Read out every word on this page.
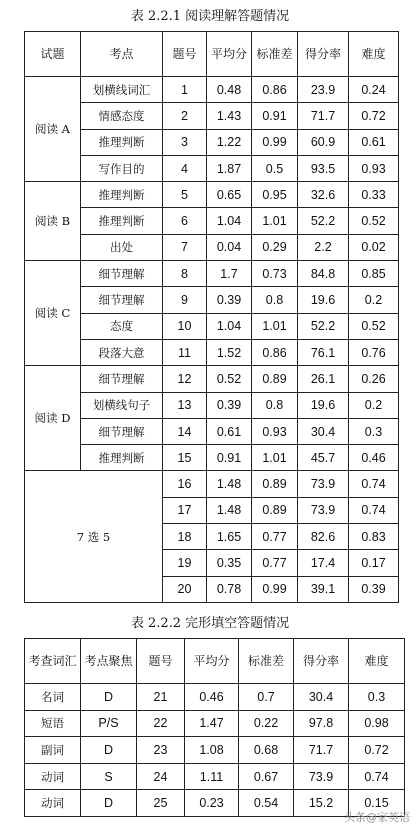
表 2.2.1 阅读理解答题情况
试题	考点	题号	平均分	标准差	得分率	难度
阅读 A	划横线词汇	1	0.48	0.86	23.9	0.24
	情感态度	2	1.43	0.91	71.7	0.72
	推理判断	3	1.22	0.99	60.9	0.61
	写作目的	4	1.87	0.5	93.5	0.93
阅读 B	推理判断	5	0.65	0.95	32.6	0.33
	推理判断	6	1.04	1.01	52.2	0.52
	出处	7	0.04	0.29	2.2	0.02
阅读 C	细节理解	8	1.7	0.73	84.8	0.85
	细节理解	9	0.39	0.8	19.6	0.2
	态度	10	1.04	1.01	52.2	0.52
	段落大意	11	1.52	0.86	76.1	0.76
阅读 D	细节理解	12	0.52	0.89	26.1	0.26
	划横线句子	13	0.39	0.8	19.6	0.2
	细节理解	14	0.61	0.93	30.4	0.3
	推理判断	15	0.91	1.01	45.7	0.46
7 选 5		16	1.48	0.89	73.9	0.74
		17	1.48	0.89	73.9	0.74
		18	1.65	0.77	82.6	0.83
		19	0.35	0.77	17.4	0.17
		20	0.78	0.99	39.1	0.39
表 2.2.2 完形填空答题情况
考查词汇	考点聚焦	题号	平均分	标准差	得分率	难度
名词	D	21	0.46	0.7	30.4	0.3
短语	P/S	22	1.47	0.22	97.8	0.98
副词	D	23	1.08	0.68	71.7	0.72
动词	S	24	1.11	0.67	73.9	0.74
动词	D	25	0.23	0.54	15.2	0.15
头条@家英语
